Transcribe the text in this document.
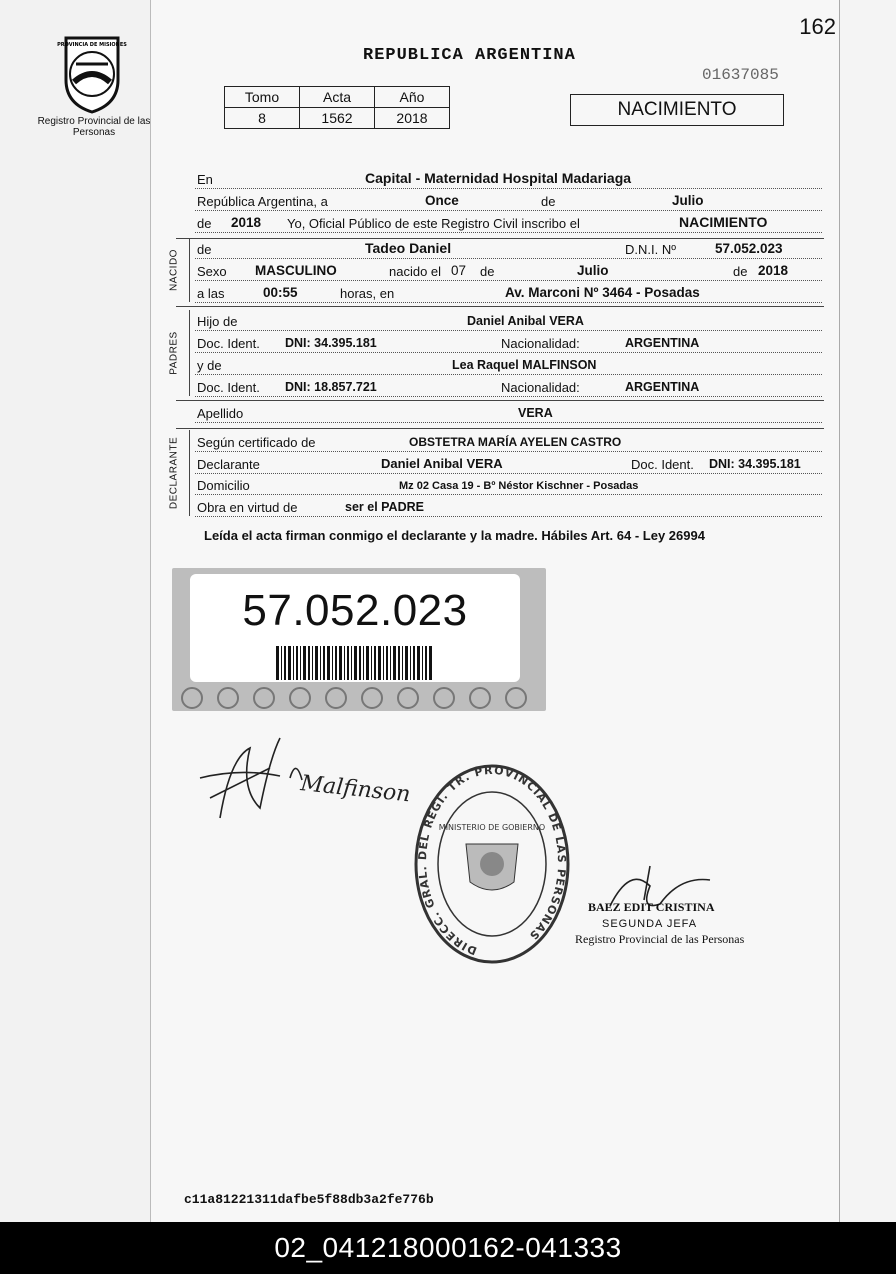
PROVINCIA DE MISIONES
Registro Provincial de las Personas
162
REPUBLICA ARGENTINA
01637085
Tomo	Acta	Año
8	1562	2018	NACIMIENTO
En	Capital - Maternidad Hospital Madariaga
República Argentina, a	Once	de	Julio
de 2018 Yo, Oficial Público de este Registro Civil inscribo el	NACIMIENTO
NACIDO de	Tadeo Daniel	D.N.I. Nº	57.052.023
Sexo MASCULINO	nacido el 07 de	Julio	de 2018
a las	00:55	horas, en	Av. Marconi Nº 3464 - Posadas
PADRES
Hijo de	Daniel Anibal VERA
Doc. Ident. DNI: 34.395.181	Nacionalidad:	ARGENTINA
y de	Lea Raquel MALFINSON
Doc. Ident. DNI: 18.857.721	Nacionalidad:	ARGENTINA
Apellido	VERA
DECLARANTE Según certificado de	OBSTETRA MARÍA AYELEN CASTRO
Declarante	Daniel Anibal VERA	Doc. Ident. DNI: 34.395.181
Domicilio	Mz 02 Casa 19 - Bº Néstor Kischner - Posadas
Obra en virtud de	ser el PADRE
Leída el acta firman conmigo el declarante y la madre. Hábiles Art. 64 - Ley 26994
57.052.023
Malfinson
DIRECC. GRAL. DEL REGI. TR. PROVINCIAL DE LAS PERSONAS
MINISTERIO DE GOBIERNO
BAEZ EDIT CRISTINA
SEGUNDA JEFA
Registro Provincial de las Personas
c11a81221311dafbe5f88db3a2fe776b
02_041218000162-041333
